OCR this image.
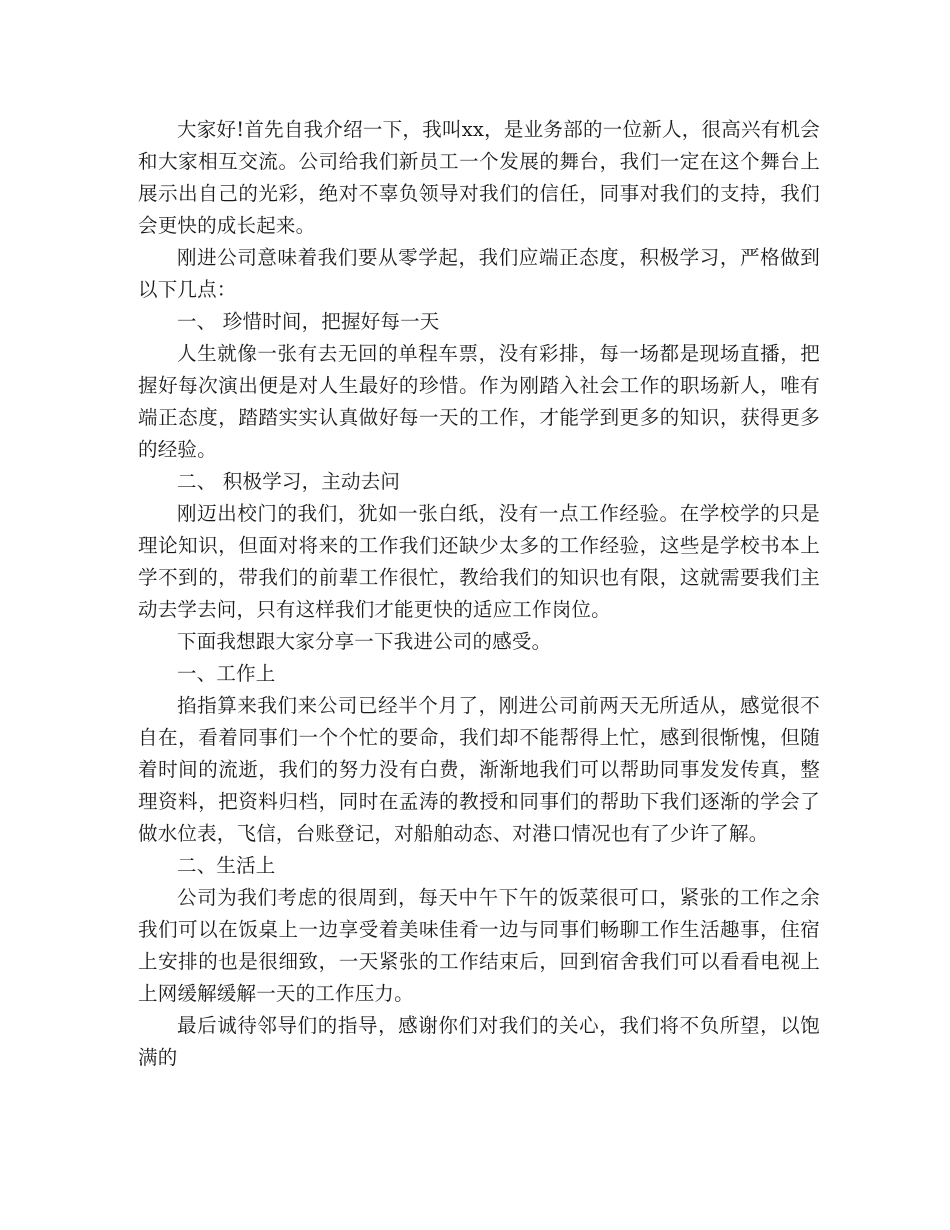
大家好!首先自我介绍一下，我叫xx，是业务部的一位新人，很高兴有机会和大家相互交流。公司给我们新员工一个发展的舞台，我们一定在这个舞台上展示出自己的光彩，绝对不辜负领导对我们的信任，同事对我们的支持，我们会更快的成长起来。

刚进公司意味着我们要从零学起，我们应端正态度，积极学习，严格做到以下几点：

一、 珍惜时间，把握好每一天

人生就像一张有去无回的单程车票，没有彩排，每一场都是现场直播，把握好每次演出便是对人生最好的珍惜。作为刚踏入社会工作的职场新人，唯有端正态度，踏踏实实认真做好每一天的工作，才能学到更多的知识，获得更多的经验。

二、 积极学习，主动去问

刚迈出校门的我们，犹如一张白纸，没有一点工作经验。在学校学的只是理论知识，但面对将来的工作我们还缺少太多的工作经验，这些是学校书本上学不到的，带我们的前辈工作很忙，教给我们的知识也有限，这就需要我们主动去学去问，只有这样我们才能更快的适应工作岗位。

下面我想跟大家分享一下我进公司的感受。

一、工作上

掐指算来我们来公司已经半个月了，刚进公司前两天无所适从，感觉很不自在，看着同事们一个个忙的要命，我们却不能帮得上忙，感到很惭愧，但随着时间的流逝，我们的努力没有白费，渐渐地我们可以帮助同事发发传真，整理资料，把资料归档，同时在孟涛的教授和同事们的帮助下我们逐渐的学会了做水位表，飞信，台账登记，对船舶动态、对港口情况也有了少许了解。

二、生活上

公司为我们考虑的很周到，每天中午下午的饭菜很可口，紧张的工作之余我们可以在饭桌上一边享受着美味佳肴一边与同事们畅聊工作生活趣事，住宿上安排的也是很细致，一天紧张的工作结束后，回到宿舍我们可以看看电视上上网缓解缓解一天的工作压力。

最后诚待邻导们的指导，感谢你们对我们的关心，我们将不负所望，以饱满的
